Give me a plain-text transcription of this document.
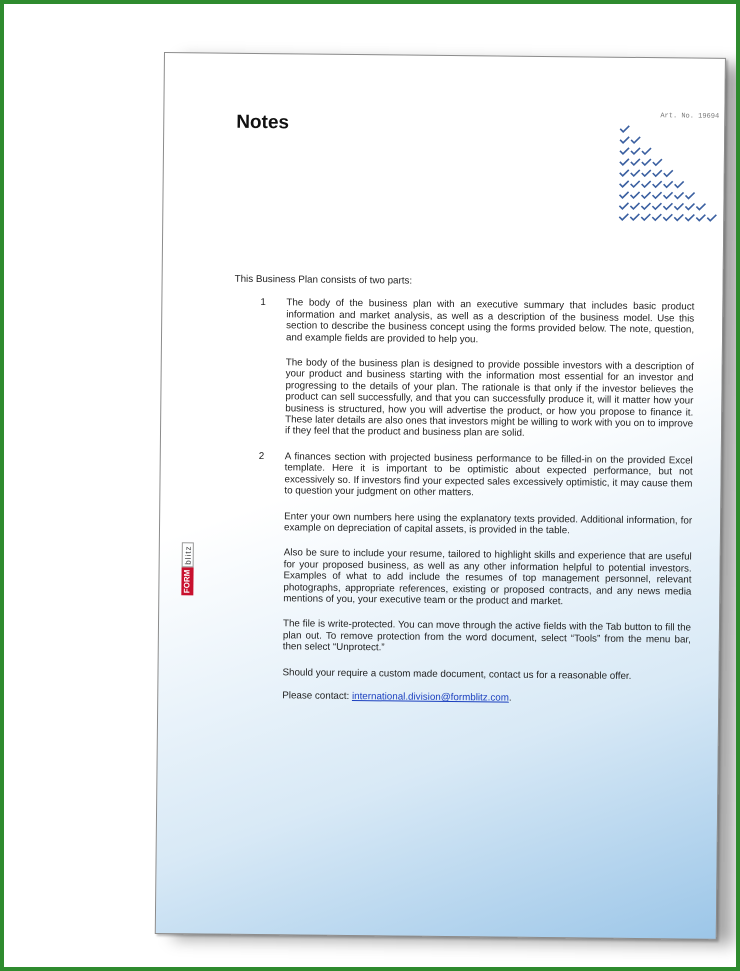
Notes	Art. No. 19694
FORM
blitz

This Business Plan consists of two parts:

1 The body of the business plan with an executive summary that includes basic product information and market analysis, as well as a description of the business model. Use this section to describe the business concept using the forms provided below. The note, question, and example fields are provided to help you.

The body of the business plan is designed to provide possible investors with a description of your product and business starting with the information most essential for an investor and progressing to the details of your plan. The rationale is that only if the investor believes the product can sell successfully, and that you can successfully produce it, will it matter how your business is structured, how you will advertise the product, or how you propose to finance it. These later details are also ones that investors might be willing to work with you on to improve if they feel that the product and business plan are solid.

2 A finances section with projected business performance to be filled-in on the provided Excel template. Here it is important to be optimistic about expected performance, but not excessively so. If investors find your expected sales excessively optimistic, it may cause them to question your judgment on other matters.

Enter your own numbers here using the explanatory texts provided. Additional information, for example on depreciation of capital assets, is provided in the table.

Also be sure to include your resume, tailored to highlight skills and experience that are useful for your proposed business, as well as any other information helpful to potential investors. Examples of what to add include the resumes of top management personnel, relevant photographs, appropriate references, existing or proposed contracts, and any news media mentions of you, your executive team or the product and market.

The file is write-protected. You can move through the active fields with the Tab button to fill the plan out. To remove protection from the word document, select “Tools” from the menu bar, then select “Unprotect.”

Should your require a custom made document, contact us for a reasonable offer.

Please contact: international.division@formblitz.com.
